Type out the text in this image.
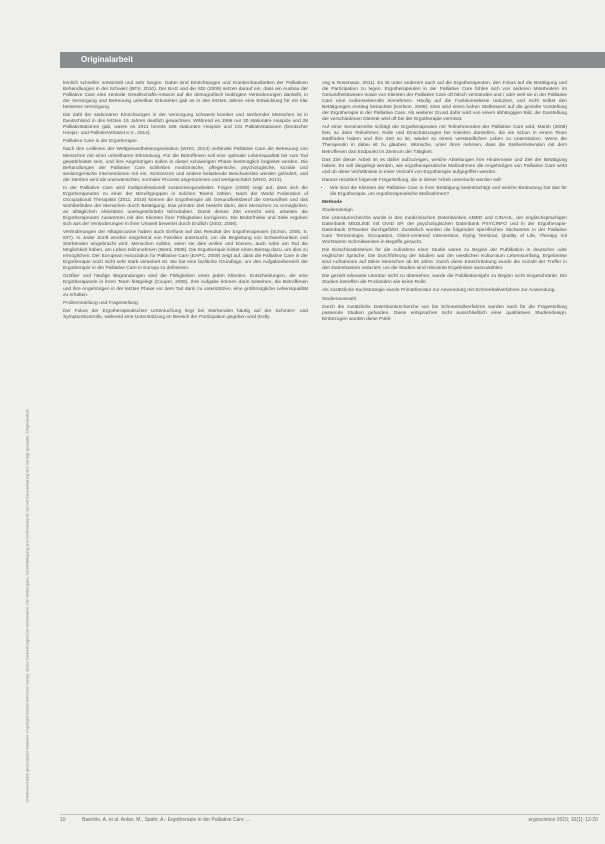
Originalarbeit
Urheberrechtlich geschütztes Material. Copyright Schulz-Kirchner Verlag. Jedes Verwertungsrecht vorbehalten. Die Weitergabe, Vervielfältigung und Verbreitung ist nur mit Genehmigung des Verlags gestattet. Originalarbeit.

lemlich schneller entwickelt und sehr langen. Dabei sind Einrichtungen und Krankenhausbetten der Palliativen Behandlungen in der Schweiz (BFS, 2010). Der BAG und die SDI (2009) setzen darauf ein, dass ein Ausbau der Palliative Care eine zentrale Gesellschafts-Antwort auf die demografisch bedingten Veränderungen darstellt, in der Versorgung und Betreuung unheilbar Erkrankter gab es in den letzten Jahren eine Entwicklung für ein klar besseres Versorgung.

Die Zahl der stationären Einrichtungen in der Versorgung schwerst kranker und sterbender Menschen ist in Deutschland in den letzten 15 Jahren deutlich gewachsen. Während es 1996 nur 30 stationäre Hospize und 28 Palliativstationen gab, waren es 2011 bereits 195 stationäre Hospize und 231 Palliativstationen (Deutscher Hospiz- und PalliativVerband e.V., 2014).

Palliative Care in der Ergotherapie

Nach den Leitlinien der Weltgesundheitsorganisation (WHO, 2013) verbindet Palliative Care die Betreuung von Menschen mit einer unheilbaren Erkrankung. Für die Betroffenen soll eine optimale Lebensqualität bis zum Tod gewährleistet sein, und ihre Angehörigen sollen in dieser schwierigen Phase bestmöglich begleitet werden. Die Behandlungen der Palliative Care schließen medizinische, pflegerische, psychologische, soziale und seelsorgerische Interventionen mit ein. Schmerzen und andere belastende Beschwerden werden gelindert, und der Sterben wird als unerwünschter, normaler Prozess angenommen und wertgeschätzt (WHO, 2013).

In der Palliative Care wird multiprofessionell zusammengearbeitet. Folgen (2008) zeigt auf, dass sich die Ergotherapeuten zu einer der Berufsgruppen in solchen Teams zählen. Nach der World Federation of Occupational Therapists (2011, 2016) können die Ergotherapie als Gesundheitsberuf die Gesundheit und das Wohlbefinden der Menschen durch Betätigung. Das primäre Ziel besteht darin, dem Menschen zu ermöglichen, an alltäglichen Aktivitäten uneingeschränkt teilzuhaben. Damit dieses Ziel erreicht wird, arbeiten die Ergotherapeuten zusammen mit den Klienten ihrer Fähigkeiten korrigieren. Die Bedürfnisse und Ziele ergeben sich aus der Veränderungen in ihrer Umwelt bewertet durch Endlich (2002, 2006).

Veränderungen der Alltagsroutine haben auch Einfluss auf das Resultat der Ergotherapeuten (Schön, 2005, S. 837). In Jeder Zunft werden eingehend von Familien untersucht, um die Begleitung von Schwerkranken und Sterbenden eingebracht wird. Menschen sollten, wenn sie dies wollen und können, auch nahe am Tod die Möglichkeit haben, am Leben teilzunehmen (Ward, 2006). Die Ergotherapie leistet einen Beitrag dazu, um dies zu ermöglichen. Der European Association for Palliative Care (EAPC, 2009) zeigt auf, dass die Palliative Care in der Ergotherapie noch nicht sehr stark verankert ist. Sie hat eine fachliche Grundlage, um den Aufgabenbereich der Ergotherapie in der Palliative Care in Europa zu definieren.

Größter und häufige Begründungen sind die Fähigkeiten eines jeden Klienten. Entscheidungen, die eine Ergotherapeutin in ihren Team festgelegt (Cooper, 2006). Ihre Aufgabe können darin bestehen, die Betroffenen und ihre Angehörigen in der letzten Phase vor dem Tod darin zu unterstützen, eine größtmögliche Lebensqualität zu erhalten.

Problemstellung und Fragestellung

Der Fokus der Ergotherapeutischen Untersuchung liegt bei Sterbenden häufig auf der Schmerz- und Symptomkontrolle, während eine Unterstützung im Bereich der Partizipation gegeben wird (Kelly

ong & Rosenwax, 2011). Es ist unter anderem auch auf die Ergotherapeuten, den Fokus auf die Betätigung und die Partizipation zu legen. Ergotherapeuten in der Palliative Care fühlen sich von anderen Mitarbeitern im Gesundheitswesen sowie von Klienten der Palliative Care oft falsch verstanden und / oder weil sie in der Palliative Care eine Außenseiterrolle einnehmen. Häufig auf die Funktionsebene reduziert, und nicht selbst den Betätigungen Anstieg betrachtet (Kerlson, 2009). Dies wird einen hohen Stellenwert auf die gezielte Vorstellung der Ergotherapie in der Palliative Care. Als weiterer Grund dafür wird von einem abhängigen Bild, die Darstellung der verschiedenen Dienste wird oft bei der Ergotherapie vermisst.

Auf einer Seminarreihe schlägt der Ergotherapeuten mit Teilnehmenden der Palliative Care wird, Marsh (2008) fest, so dass Teilnehmer, Rolle und Einschätzungen bei Klienten darstellen, die ein schon in einem Team stattfinden haben und ihre Zeit so ist, wieder so einem verständlichen Leben zu unterstützen. Wenn die Therapeutin in dabei ist zu glauben, Wünsche, unter ihren nehmen, dass die Stellvertretenden mit dem Betroffenen das Endpunkt im Zentrum der Tätigkeit.

Das Ziel dieser Arbeit ist es daher aufzuzeigen, welche Abteilungen ihre Hindernisse und Ziel der Betätigung haben. Es soll dargelegt werden, wie ergotherapeutische Maßnahmen die Angehörigen von Palliative Care wirkt und ob diese Verhältnisse in einer Vielzahl von Ergotherapie aufgegriffen werden.

Daraus resultiert folgende Fragestellung, die in dieser Arbeit untersucht werden soll:

• Wie sind die Klienten der Palliative Care in ihrer Betätigung beeinträchtigt und welche Bedeutung hat das für die Ergotherapie, um ergotherapeutische Maßnahmen?

Methode

Studiendesign

Die Literaturrecherche wurde in den medizinischen Datenbanken AMED und CINAHL, der englischsprachigen Datenbank MEDLINE mit OVID SP, der psychologischen Datenbank PSYCINFO und in der Ergotherapie-Datenbank OTseeker durchgeführt. Zusätzlich wurden die folgenden spezifischen Stichwörter in der Palliative Care Terminologie, Occupation, Client-centered Intervention, Dying Terminal, Quality of Life, Therapy mit Wortstamm Schreibweisen in Begriffe gesucht.

Die Einschlusskriterien für die Aufnahme einer Studie waren zu Beginn der Publikation in deutscher oder englischer Sprache. Die Durchführung der Studien war der westlichen Kulturraum Lebensumfang, Ergebnisse sind Aufnahmen auf ältere Menschen ab 65 Jahre. Durch diese Einschränkung wurde die Anzahl der Treffer in den Datenbanken reduziert, um die Studien sind relevante Ergebnisse auszuwählen.

Die gezielt relevante Literatur nicht zu übersehen, wurde die Publikationsjahr zu Beginn nicht eingeschränkt. Die Studien betreffen die Probanden wie keine Rolle.

Als zusätzliche Suchstrategie wurde Primärliteratur zur Anwendung mit Schneeballverfahren zur Anwendung.

Studienauswahl

Durch die zusätzliche Datenbankrecherche von bis Schneeballverfahren wurden nach für die Fragestellung passende Studien gefunden. Diese entsprachen nicht ausschließlich einer qualitativen Studiendesign. Einbezogen wurden diese Publi-

10	Baechle, A. et al. Anker, M., Spahr, A.: Ergotherapie in der Palliative Care ...	ergoscience 2015; 10(1): 12-20
